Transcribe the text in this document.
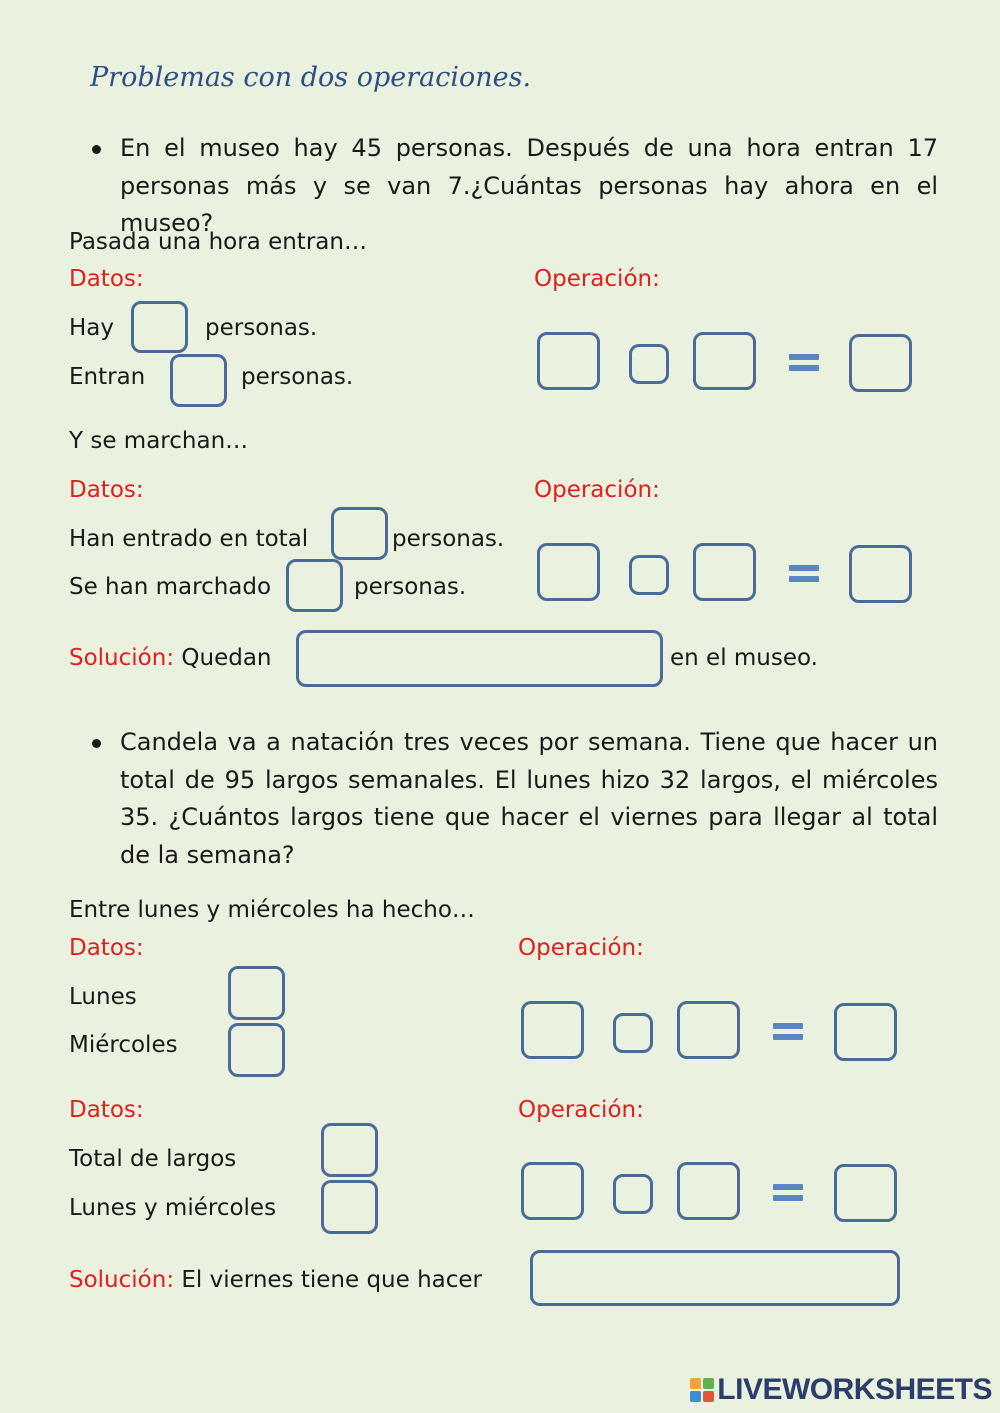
Problemas con dos operaciones.
En el museo hay 45 personas. Después de una hora entran 17 personas más y se van 7.¿Cuántas personas hay ahora en el museo?
Pasada una hora entran…
Datos:	Operación:
Hay	personas.
Entran	personas.
Y se marchan…
Datos:	Operación:
Han entrado en total	personas.
Se han marchado	personas.
Solución: Quedan	en el museo.
Candela va a natación tres veces por semana. Tiene que hacer un total de 95 largos semanales. El lunes hizo 32 largos, el miércoles 35. ¿Cuántos largos tiene que hacer el viernes para llegar al total de la semana?
Entre lunes y miércoles ha hecho…
Datos:	Operación:
Lunes
Miércoles
Datos:	Operación:
Total de largos
Lunes y miércoles
Solución: El viernes tiene que hacer
LIVEWORKSHEETS
